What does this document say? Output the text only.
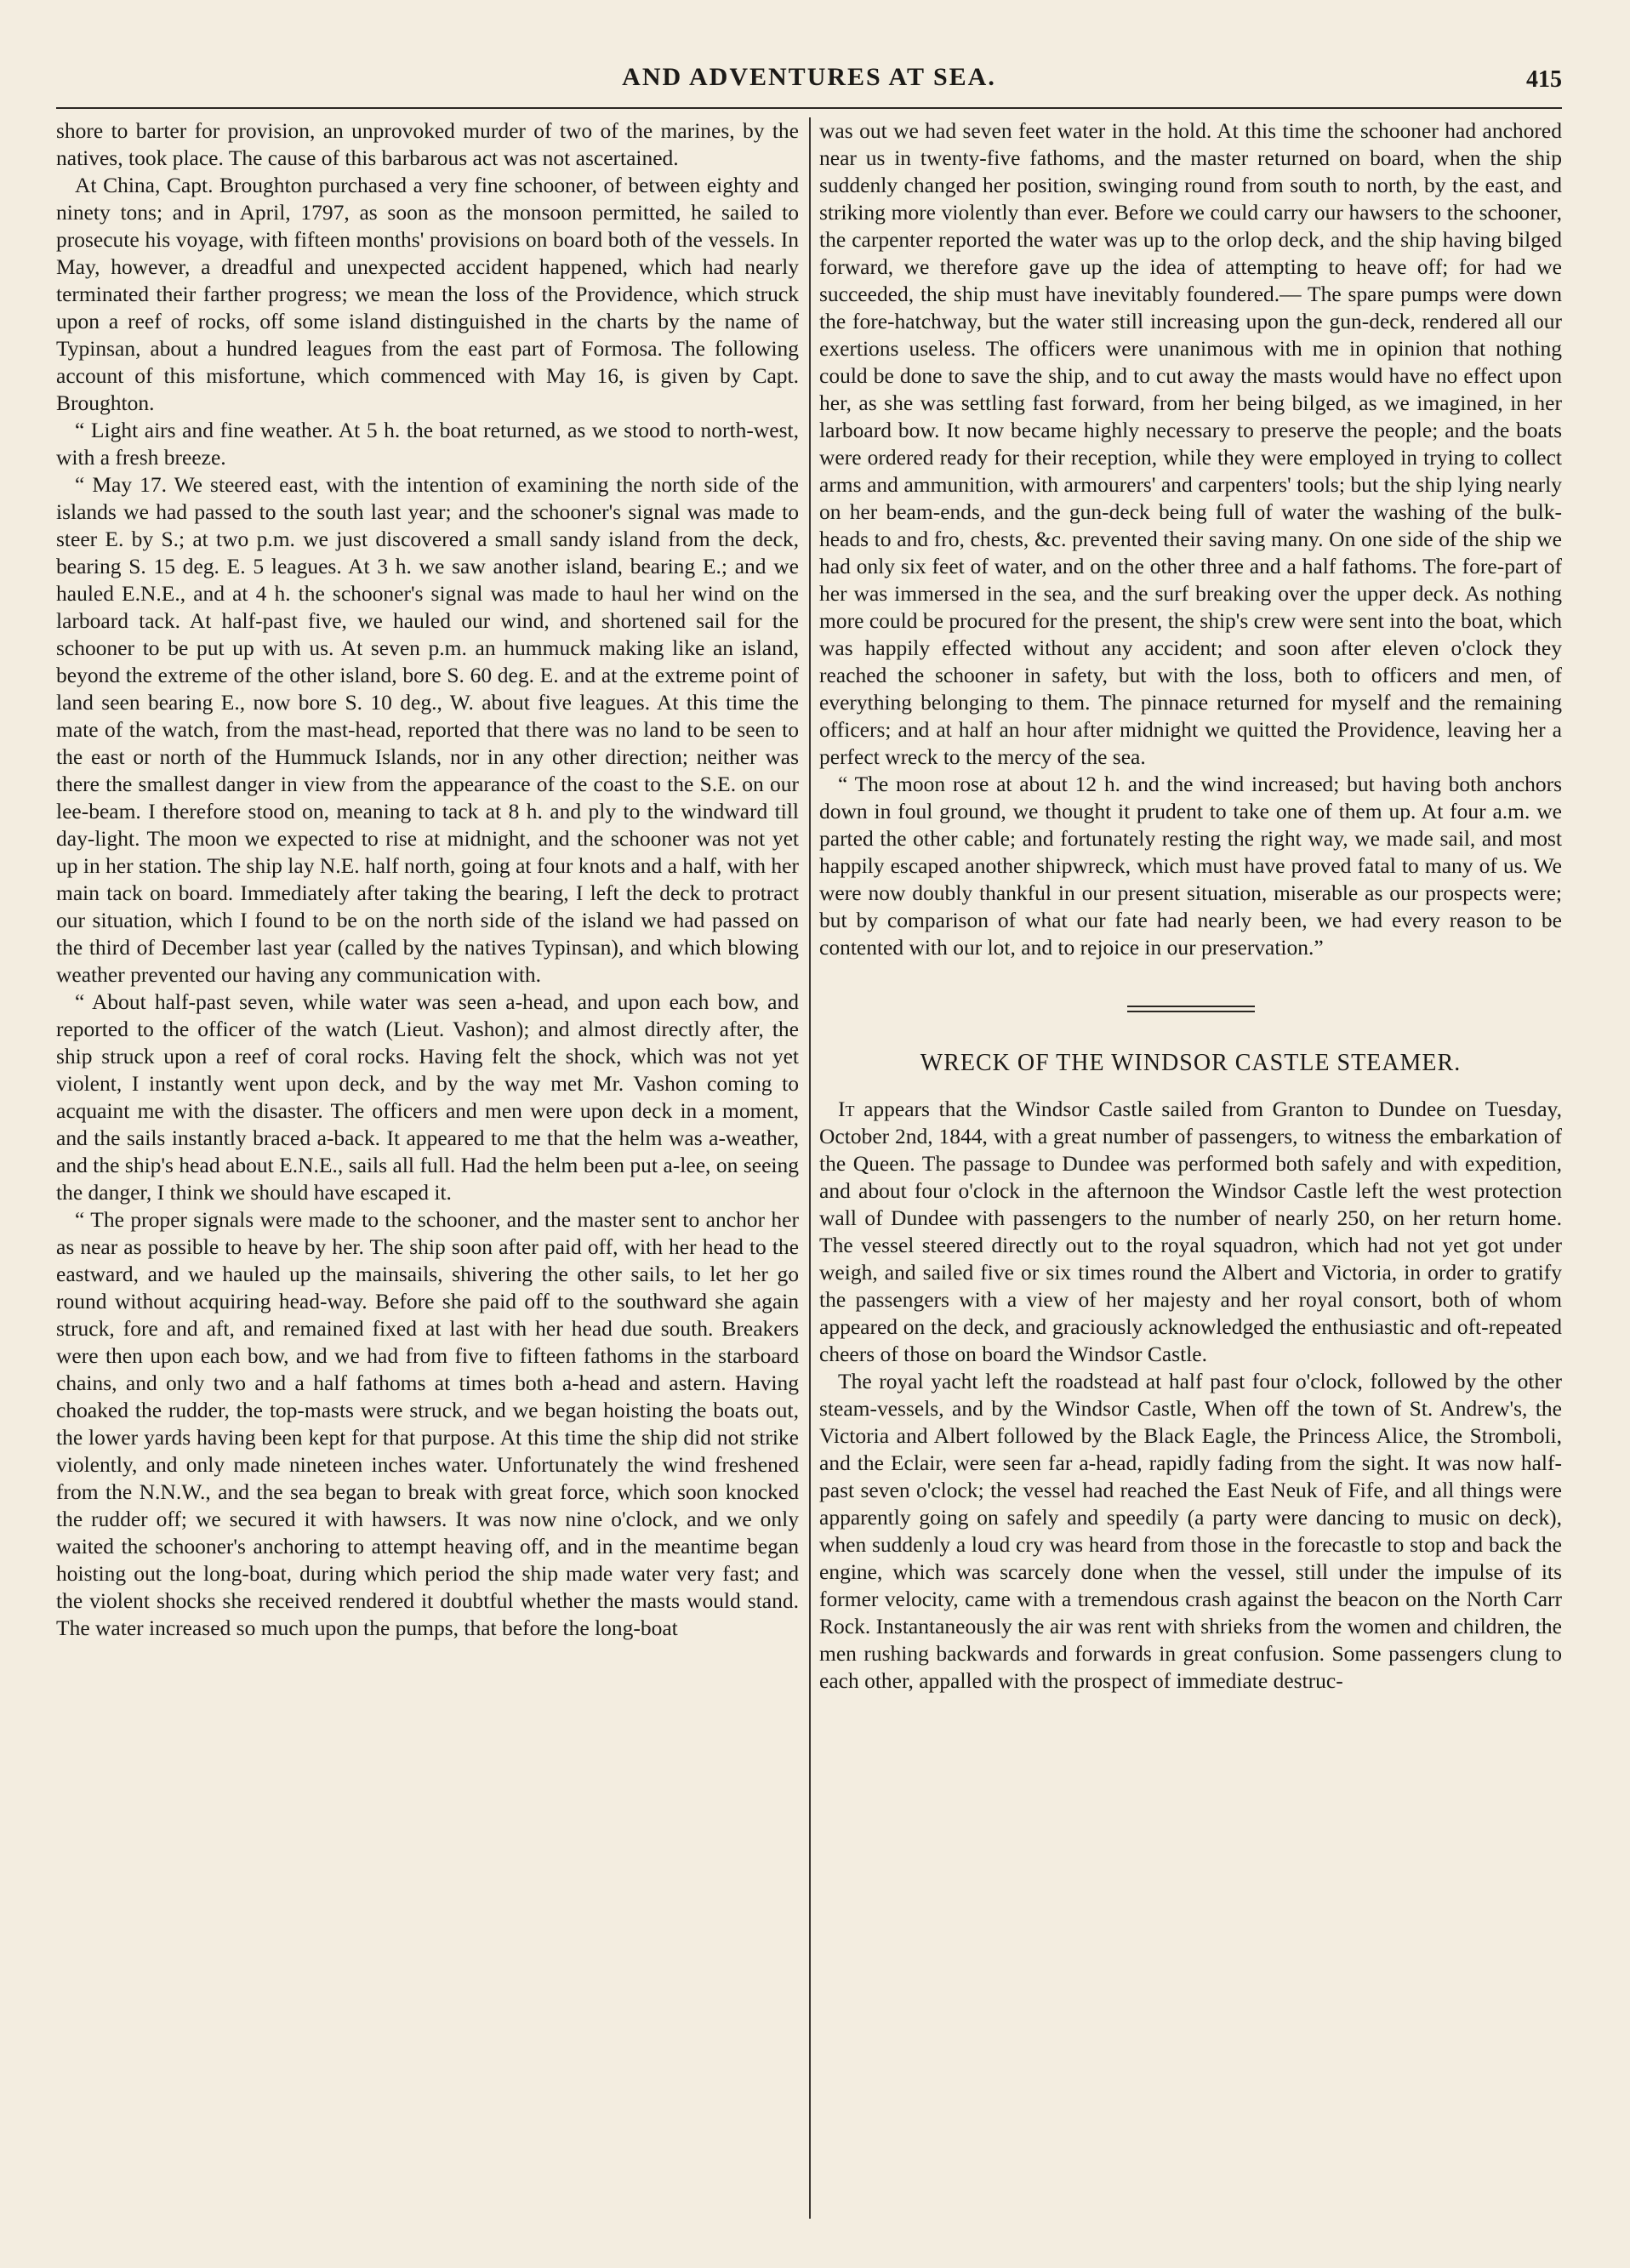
AND ADVENTURES AT SEA.	415

shore to barter for provision, an unprovoked murder of two of the marines, by the natives, took place. The cause of this barbarous act was not ascertained.

At China, Capt. Broughton purchased a very fine schooner, of between eighty and ninety tons; and in April, 1797, as soon as the monsoon permitted, he sailed to prosecute his voyage, with fifteen months' provisions on board both of the vessels. In May, however, a dreadful and unexpected accident happened, which had nearly terminated their farther progress; we mean the loss of the Providence, which struck upon a reef of rocks, off some island distinguished in the charts by the name of Typinsan, about a hundred leagues from the east part of Formosa. The following account of this misfortune, which commenced with May 16, is given by Capt. Broughton.

“ Light airs and fine weather. At 5 h. the boat returned, as we stood to north-west, with a fresh breeze.

“ May 17. We steered east, with the intention of examining the north side of the islands we had passed to the south last year; and the schooner's signal was made to steer E. by S.; at two p.m. we just discovered a small sandy island from the deck, bearing S. 15 deg. E. 5 leagues. At 3 h. we saw another island, bearing E.; and we hauled E.N.E., and at 4 h. the schooner's signal was made to haul her wind on the larboard tack. At half-past five, we hauled our wind, and shortened sail for the schooner to be put up with us. At seven p.m. an hummuck making like an island, beyond the extreme of the other island, bore S. 60 deg. E. and at the extreme point of land seen bearing E., now bore S. 10 deg., W. about five leagues. At this time the mate of the watch, from the mast-head, reported that there was no land to be seen to the east or north of the Hummuck Islands, nor in any other direction; neither was there the smallest danger in view from the appearance of the coast to the S.E. on our lee-beam. I therefore stood on, meaning to tack at 8 h. and ply to the windward till day-light. The moon we expected to rise at midnight, and the schooner was not yet up in her station. The ship lay N.E. half north, going at four knots and a half, with her main tack on board. Immediately after taking the bearing, I left the deck to protract our situation, which I found to be on the north side of the island we had passed on the third of December last year (called by the natives Typinsan), and which blowing weather prevented our having any communication with.

“ About half-past seven, while water was seen a-head, and upon each bow, and reported to the officer of the watch (Lieut. Vashon); and almost directly after, the ship struck upon a reef of coral rocks. Having felt the shock, which was not yet violent, I instantly went upon deck, and by the way met Mr. Vashon coming to acquaint me with the disaster. The officers and men were upon deck in a moment, and the sails instantly braced a-back. It appeared to me that the helm was a-weather, and the ship's head about E.N.E., sails all full. Had the helm been put a-lee, on seeing the danger, I think we should have escaped it.

“ The proper signals were made to the schooner, and the master sent to anchor her as near as possible to heave by her. The ship soon after paid off, with her head to the eastward, and we hauled up the mainsails, shivering the other sails, to let her go round without acquiring head-way. Before she paid off to the southward she again struck, fore and aft, and remained fixed at last with her head due south. Breakers were then upon each bow, and we had from five to fifteen fathoms in the starboard chains, and only two and a half fathoms at times both a-head and astern. Having choaked the rudder, the top-masts were struck, and we began hoisting the boats out, the lower yards having been kept for that purpose. At this time the ship did not strike violently, and only made nineteen inches water. Unfortunately the wind freshened from the N.N.W., and the sea began to break with great force, which soon knocked the rudder off; we secured it with hawsers. It was now nine o'clock, and we only waited the schooner's anchoring to attempt heaving off, and in the meantime began hoisting out the long-boat, during which period the ship made water very fast; and the violent shocks she received rendered it doubtful whether the masts would stand. The water increased so much upon the pumps, that before the long-boat

was out we had seven feet water in the hold. At this time the schooner had anchored near us in twenty-five fathoms, and the master returned on board, when the ship suddenly changed her position, swinging round from south to north, by the east, and striking more violently than ever. Before we could carry our hawsers to the schooner, the carpenter reported the water was up to the orlop deck, and the ship having bilged forward, we therefore gave up the idea of attempting to heave off; for had we succeeded, the ship must have inevitably foundered.— The spare pumps were down the fore-hatchway, but the water still increasing upon the gun-deck, rendered all our exertions useless. The officers were unanimous with me in opinion that nothing could be done to save the ship, and to cut away the masts would have no effect upon her, as she was settling fast forward, from her being bilged, as we imagined, in her larboard bow. It now became highly necessary to preserve the people; and the boats were ordered ready for their reception, while they were employed in trying to collect arms and ammunition, with armourers' and carpenters' tools; but the ship lying nearly on her beam-ends, and the gun-deck being full of water the washing of the bulk-heads to and fro, chests, &c. prevented their saving many. On one side of the ship we had only six feet of water, and on the other three and a half fathoms. The fore-part of her was immersed in the sea, and the surf breaking over the upper deck. As nothing more could be procured for the present, the ship's crew were sent into the boat, which was happily effected without any accident; and soon after eleven o'clock they reached the schooner in safety, but with the loss, both to officers and men, of everything belonging to them. The pinnace returned for myself and the remaining officers; and at half an hour after midnight we quitted the Providence, leaving her a perfect wreck to the mercy of the sea.

“ The moon rose at about 12 h. and the wind increased; but having both anchors down in foul ground, we thought it prudent to take one of them up. At four a.m. we parted the other cable; and fortunately resting the right way, we made sail, and most happily escaped another shipwreck, which must have proved fatal to many of us. We were now doubly thankful in our present situation, miserable as our prospects were; but by comparison of what our fate had nearly been, we had every reason to be contented with our lot, and to rejoice in our preservation.”

WRECK OF THE WINDSOR CASTLE STEAMER.

It appears that the Windsor Castle sailed from Granton to Dundee on Tuesday, October 2nd, 1844, with a great number of passengers, to witness the embarkation of the Queen. The passage to Dundee was performed both safely and with expedition, and about four o'clock in the afternoon the Windsor Castle left the west protection wall of Dundee with passengers to the number of nearly 250, on her return home. The vessel steered directly out to the royal squadron, which had not yet got under weigh, and sailed five or six times round the Albert and Victoria, in order to gratify the passengers with a view of her majesty and her royal consort, both of whom appeared on the deck, and graciously acknowledged the enthusiastic and oft-repeated cheers of those on board the Windsor Castle.

The royal yacht left the roadstead at half past four o'clock, followed by the other steam-vessels, and by the Windsor Castle, When off the town of St. Andrew's, the Victoria and Albert followed by the Black Eagle, the Princess Alice, the Stromboli, and the Eclair, were seen far a-head, rapidly fading from the sight. It was now half-past seven o'clock; the vessel had reached the East Neuk of Fife, and all things were apparently going on safely and speedily (a party were dancing to music on deck), when suddenly a loud cry was heard from those in the forecastle to stop and back the engine, which was scarcely done when the vessel, still under the impulse of its former velocity, came with a tremendous crash against the beacon on the North Carr Rock. Instantaneously the air was rent with shrieks from the women and children, the men rushing backwards and forwards in great confusion. Some passengers clung to each other, appalled with the prospect of immediate destruc-
